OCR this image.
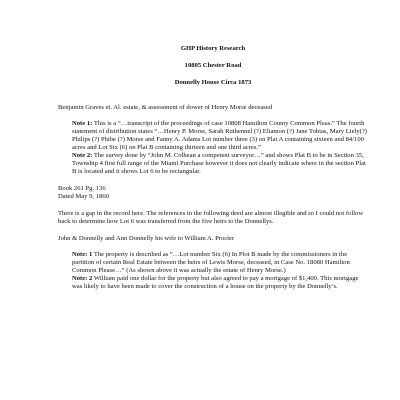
GHP History Research
10805 Chester Road
Donnelly House Circa 1873

Benjamin Graves et. Al. estate, & assessment of dower of Henry Morse deceased

Note 1: This is a “…transcript of the proceedings of case 10808 Hamilton County Common Pleas.” The fourth statement of distribution states “…Henry P. Morse, Sarah Ruthennel (?) Eliamon (?) Jane Tobias, Mary Liely(?) Philips (?) Phibe (?) Morse and Fanny A. Adams Lot number three (3) on Plat A containing sixteen and 84/100 acres and Lot Six (6) on Plat B containing thirteen and one third acres.”

Note 2: The survey done by “John M. Colhean a competent surveyor…” and shows Plat B to be in Section 35, Township 4 first full range of the Miami Purchase however it does not clearly indicate where in the section Plat B is located and it shows Lot 6 to be rectangular.

Book 261 Pg. 136

Dated May 9, 1860

There is a gap in the record here. The references in the following deed are almost illegible and so I could not follow back to determine how Lot 6 was transferred from the five heirs to the Donnellys.

John & Donnelly and Ann Donnelly his wife to William A. Procter

Note: 1 The property is described as “…Lot number Six (6) In Plot B made by the commissioners in the partition of certain Real Estate between the heirs of Lewis Morse, deceased, in Case No. 18080 Hamilton Common Please…” (As shown above it was actually the estate of Henry Morse.)

Note: 2 William paid one dollar for the property but also agreed to pay a mortgage of $1,400. This mortgage was likely to have been made to cover the construction of a house on the property by the Donnelly’s.
